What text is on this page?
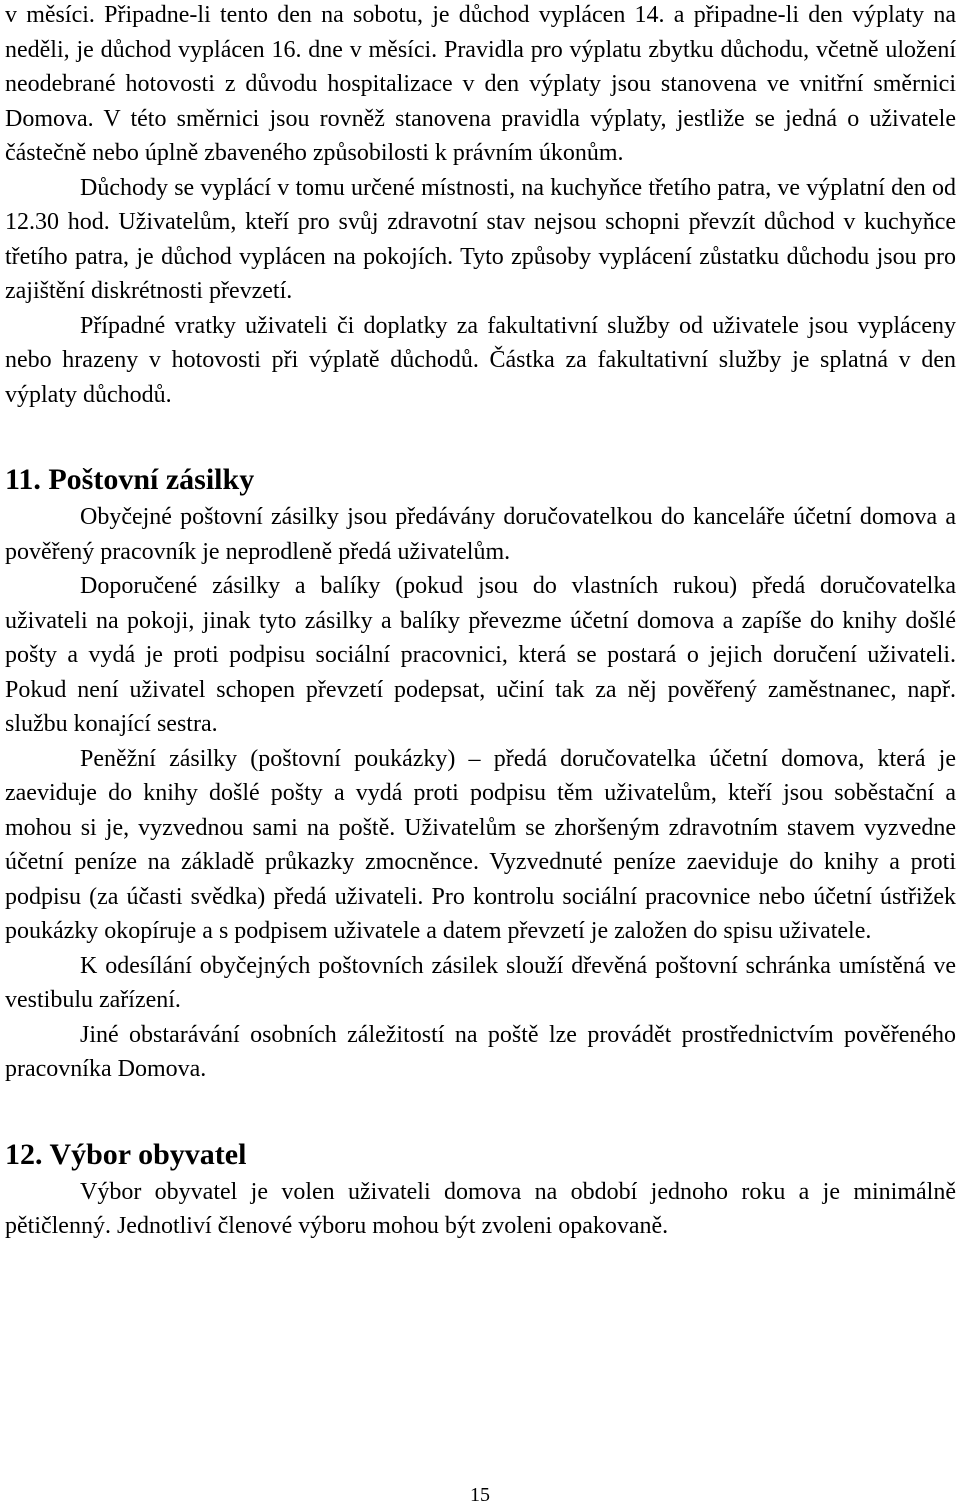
v měsíci. Připadne-li tento den na sobotu, je důchod vyplácen 14. a připadne-li den výplaty na neděli, je důchod vyplácen 16. dne v měsíci. Pravidla pro výplatu zbytku důchodu, včetně uložení neodebrané hotovosti z důvodu hospitalizace v den výplaty jsou stanovena ve vnitřní směrnici Domova. V této směrnici jsou rovněž stanovena pravidla výplaty, jestliže se jedná o uživatele částečně nebo úplně zbaveného způsobilosti k právním úkonům.

Důchody se vyplácí v tomu určené místnosti, na kuchyňce třetího patra, ve výplatní den od 12.30 hod. Uživatelům, kteří pro svůj zdravotní stav nejsou schopni převzít důchod v kuchyňce třetího patra, je důchod vyplácen na pokojích. Tyto způsoby vyplácení zůstatku důchodu jsou pro zajištění diskrétnosti převzetí.

Případné vratky uživateli či doplatky za fakultativní služby od uživatele jsou vypláceny nebo hrazeny v hotovosti při výplatě důchodů. Částka za fakultativní služby je splatná v den výplaty důchodů.

11. Poštovní zásilky

Obyčejné poštovní zásilky jsou předávány doručovatelkou do kanceláře účetní domova a pověřený pracovník je neprodleně předá uživatelům.

Doporučené zásilky a balíky (pokud jsou do vlastních rukou) předá doručovatelka uživateli na pokoji, jinak tyto zásilky a balíky převezme účetní domova a zapíše do knihy došlé pošty a vydá je proti podpisu sociální pracovnici, která se postará o jejich doručení uživateli. Pokud není uživatel schopen převzetí podepsat, učiní tak za něj pověřený zaměstnanec, např. službu konající sestra.

Peněžní zásilky (poštovní poukázky) – předá doručovatelka účetní domova, která je zaeviduje do knihy došlé pošty a vydá proti podpisu těm uživatelům, kteří jsou soběstační a mohou si je, vyzvednou sami na poště. Uživatelům se zhoršeným zdravotním stavem vyzvedne účetní peníze na základě průkazky zmocněnce. Vyzvednuté peníze zaeviduje do knihy a proti podpisu (za účasti svědka) předá uživateli. Pro kontrolu sociální pracovnice nebo účetní ústřižek poukázky okopíruje a s podpisem uživatele a datem převzetí je založen do spisu uživatele.

K odesílání obyčejných poštovních zásilek slouží dřevěná poštovní schránka umístěná ve vestibulu zařízení.

Jiné obstarávání osobních záležitostí na poště lze provádět prostřednictvím pověřeného pracovníka Domova.

12. Výbor obyvatel

Výbor obyvatel je volen uživateli domova na období jednoho roku a je minimálně pětičlenný. Jednotliví členové výboru mohou být zvoleni opakovaně.

15
